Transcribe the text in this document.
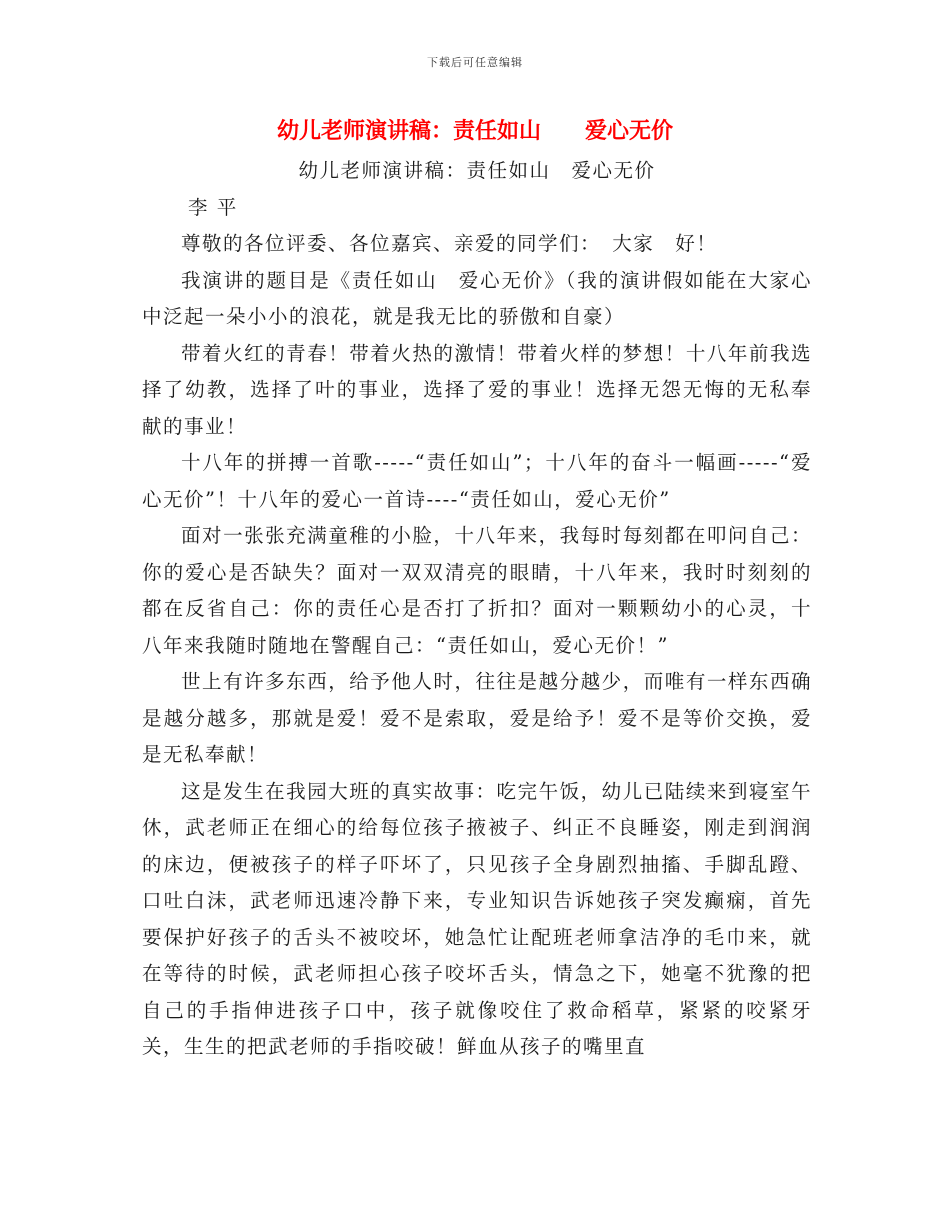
下载后可任意编辑
幼儿老师演讲稿：责任如山　　爱心无价

幼儿老师演讲稿：责任如山　爱心无价

李 平

尊敬的各位评委、各位嘉宾、亲爱的同学们：　大家　好！

我演讲的题目是《责任如山　爱心无价》（我的演讲假如能在大家心中泛起一朵小小的浪花，就是我无比的骄傲和自豪）

带着火红的青春！带着火热的激情！带着火样的梦想！十八年前我选择了幼教，选择了叶的事业，选择了爱的事业！选择无怨无悔的无私奉献的事业！

十八年的拼搏一首歌-----“责任如山”；十八年的奋斗一幅画-----“爱心无价”！十八年的爱心一首诗----“责任如山，爱心无价”

面对一张张充满童稚的小脸，十八年来，我每时每刻都在叩问自己：你的爱心是否缺失？面对一双双清亮的眼睛，十八年来，我时时刻刻的都在反省自己：你的责任心是否打了折扣？面对一颗颗幼小的心灵，十八年来我随时随地在警醒自己：“责任如山，爱心无价！”

世上有许多东西，给予他人时，往往是越分越少，而唯有一样东西确是越分越多，那就是爱！爱不是索取，爱是给予！爱不是等价交换，爱是无私奉献！

这是发生在我园大班的真实故事：吃完午饭，幼儿已陆续来到寝室午休，武老师正在细心的给每位孩子掖被子、纠正不良睡姿，刚走到润润的床边，便被孩子的样子吓坏了，只见孩子全身剧烈抽搐、手脚乱蹬、口吐白沫，武老师迅速冷静下来，专业知识告诉她孩子突发癫痫，首先要保护好孩子的舌头不被咬坏，她急忙让配班老师拿洁净的毛巾来，就在等待的时候，武老师担心孩子咬坏舌头，情急之下，她毫不犹豫的把自己的手指伸进孩子口中，孩子就像咬住了救命稻草，紧紧的咬紧牙关，生生的把武老师的手指咬破！鲜血从孩子的嘴里直
